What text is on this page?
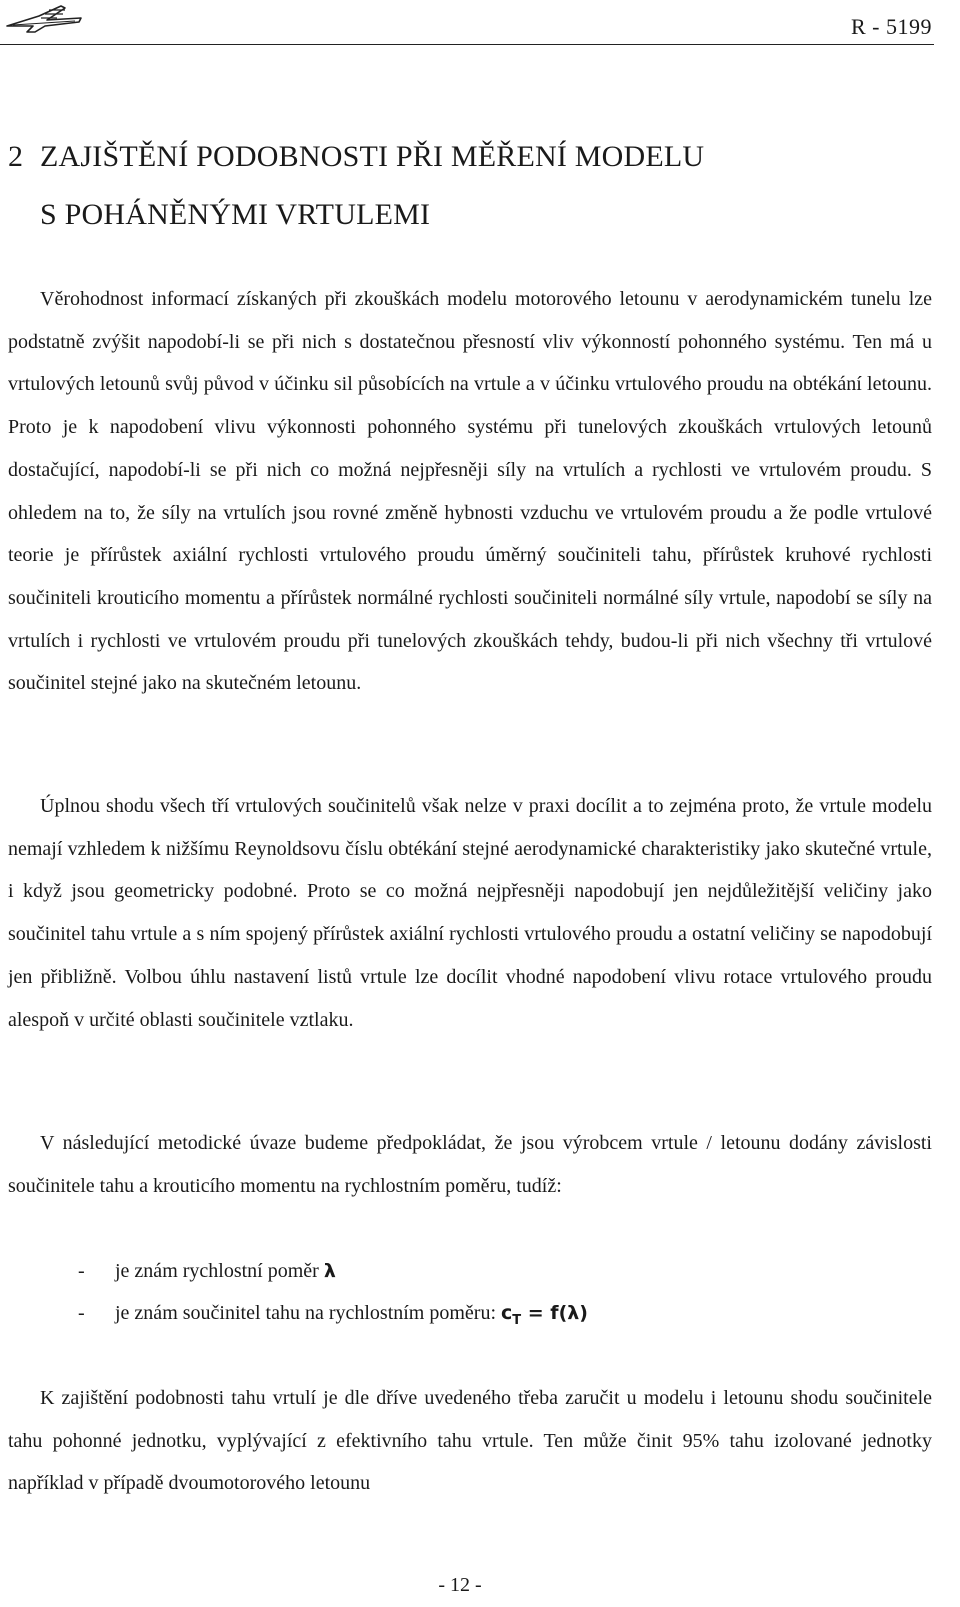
R - 5199
2 ZAJIŠTĚNÍ PODOBNOSTI PŘI MĚŘENÍ MODELU
S POHÁNĚNÝMI VRTULEMI

Věrohodnost informací získaných při zkouškách modelu motorového letounu v aerodynamickém tunelu lze podstatně zvýšit napodobí-li se při nich s dostatečnou přesností vliv výkonností pohonného systému. Ten má u vrtulových letounů svůj původ v účinku sil působících na vrtule a v účinku vrtulového proudu na obtékání letounu. Proto je k napodobení vlivu výkonnosti pohonného systému při tunelových zkouškách vrtulových letounů dostačující, napodobí-li se při nich co možná nejpřesněji síly na vrtulích a rychlosti ve vrtulovém proudu. S ohledem na to, že síly na vrtulích jsou rovné změně hybnosti vzduchu ve vrtulovém proudu a že podle vrtulové teorie je přírůstek axiální rychlosti vrtulového proudu úměrný součiniteli tahu, přírůstek kruhové rychlosti součiniteli krouticího momentu a přírůstek normálné rychlosti součiniteli normálné síly vrtule, napodobí se síly na vrtulích i rychlosti ve vrtulovém proudu při tunelových zkouškách tehdy, budou-li při nich všechny tři vrtulové součinitel stejné jako na skutečném letounu.

Úplnou shodu všech tří vrtulových součinitelů však nelze v praxi docílit a to zejména proto, že vrtule modelu nemají vzhledem k nižšímu Reynoldsovu číslu obtékání stejné aerodynamické charakteristiky jako skutečné vrtule, i když jsou geometricky podobné. Proto se co možná nejpřesněji napodobují jen nejdůležitější veličiny jako součinitel tahu vrtule a s ním spojený přírůstek axiální rychlosti vrtulového proudu a ostatní veličiny se napodobují jen přibližně. Volbou úhlu nastavení listů vrtule lze docílit vhodné napodobení vlivu rotace vrtulového proudu alespoň v určité oblasti součinitele vztlaku.

V následující metodické úvaze budeme předpokládat, že jsou výrobcem vrtule / letounu dodány závislosti součinitele tahu a krouticího momentu na rychlostním poměru, tudíž:

- je znám rychlostní poměr λ
- je znám součinitel tahu na rychlostním poměru: $c_T = f(\lambda)$

K zajištění podobnosti tahu vrtulí je dle dříve uvedeného třeba zaručit u modelu i letounu shodu součinitele tahu pohonné jednotku, vyplývající z efektivního tahu vrtule. Ten může činit 95% tahu izolované jednotky například v případě dvoumotorového letounu

- 12 -
